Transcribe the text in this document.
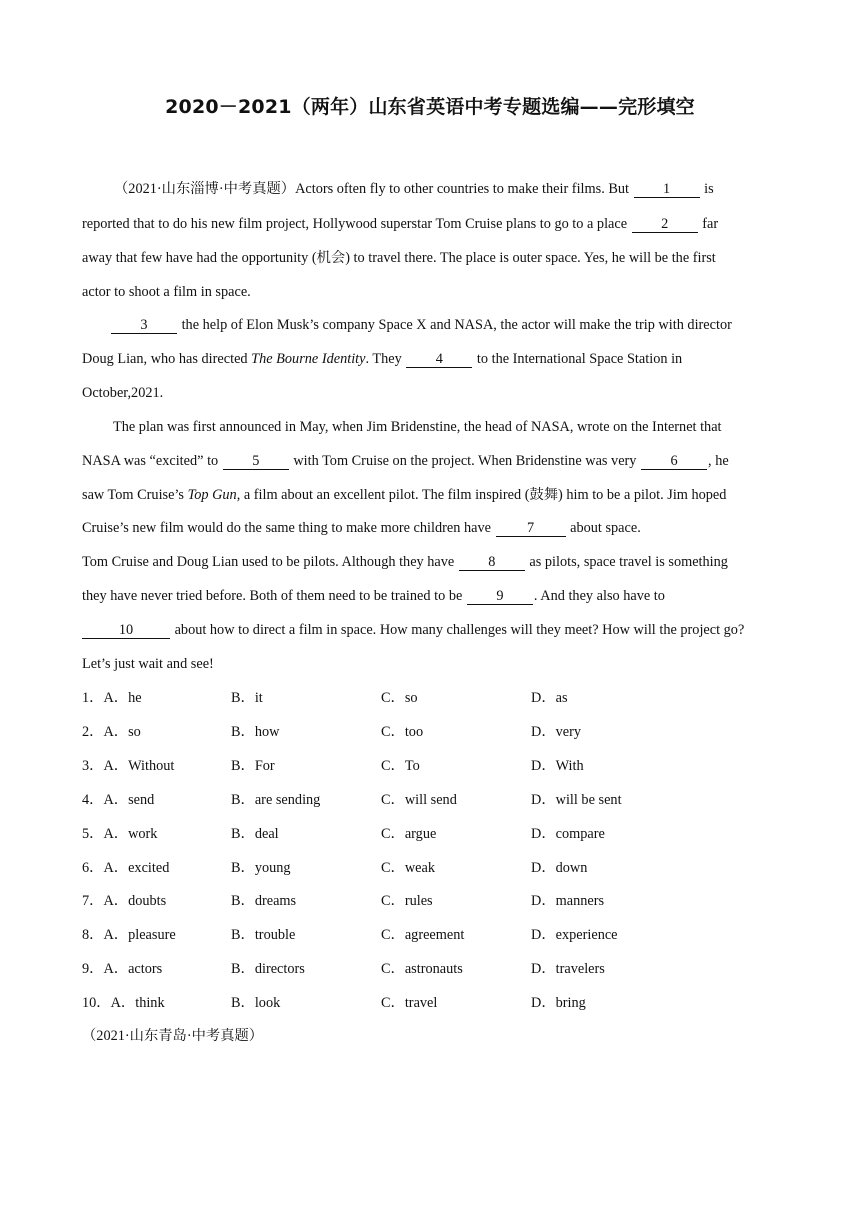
2020－2021（两年）山东省英语中考专题选编——完形填空
（2021·山东淄博·中考真题）Actors often fly to other countries to make their films. But 1 is
reported that to do his new film project, Hollywood superstar Tom Cruise plans to go to a place 2 far
away that few have had the opportunity (机会) to travel there. The place is outer space. Yes, he will be the first
actor to shoot a film in space.
3 the help of Elon Musk’s company Space X and NASA, the actor will make the trip with director
Doug Lian, who has directed The Bourne Identity. They 4 to the International Space Station in
October,2021.
The plan was first announced in May, when Jim Bridenstine, the head of NASA, wrote on the Internet that
NASA was “excited” to 5 with Tom Cruise on the project. When Bridenstine was very 6 , he
saw Tom Cruise’s Top Gun, a film about an excellent pilot. The film inspired (鼓舞) him to be a pilot. Jim hoped
Cruise’s new film would do the same thing to make more children have 7 about space.
Tom Cruise and Doug Lian used to be pilots. Although they have 8 as pilots, space travel is something
they have never tried before. Both of them need to be trained to be 9 . And they also have to
10	about how to direct a film in space. How many challenges will they meet? How will the project go?
Let’s just wait and see!
1．A．he	B．it	C．so	D．as
2．A．so	B．how	C．too	D．very
3．A．Without	B．For	C．To	D．With
4．A．send	B．are sending	C．will send	D．will be sent
5．A．work	B．deal	C．argue	D．compare
6．A．excited	B．young	C．weak	D．down
7．A．doubts	B．dreams	C．rules	D．manners
8．A．pleasure	B．trouble	C．agreement	D．experience
9．A．actors	B．directors	C．astronauts	D．travelers
10．A．think	B．look	C．travel	D．bring
（2021·山东青岛·中考真题）
